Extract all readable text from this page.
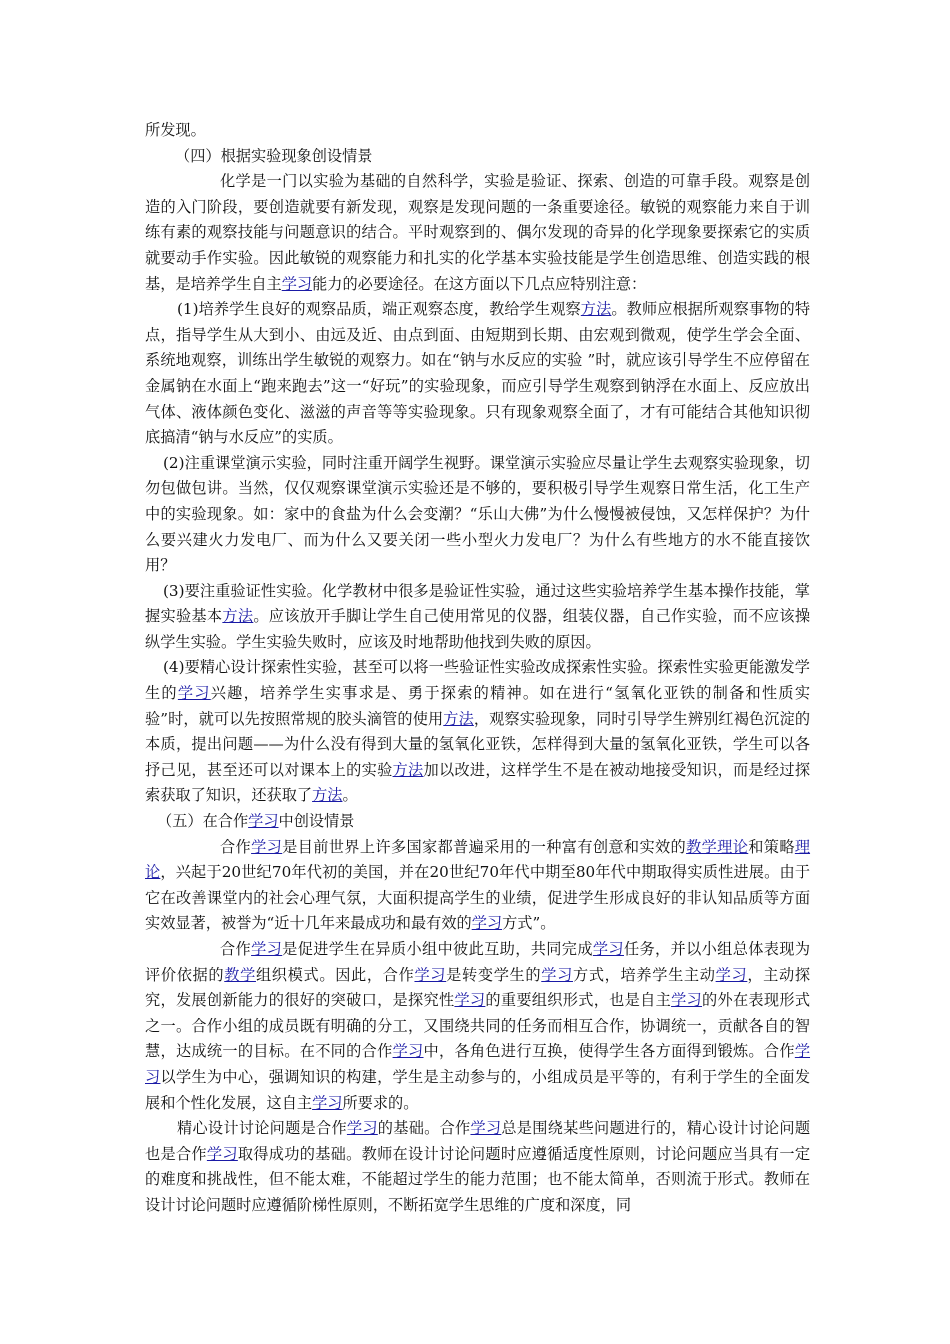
所发现。

（四）根据实验现象创设情景

化学是一门以实验为基础的自然科学，实验是验证、探索、创造的可靠手段。观察是创造的入门阶段，要创造就要有新发现，观察是发现问题的一条重要途径。敏锐的观察能力来自于训练有素的观察技能与问题意识的结合。平时观察到的、偶尔发现的奇异的化学现象要探索它的实质就要动手作实验。因此敏锐的观察能力和扎实的化学基本实验技能是学生创造思维、创造实践的根基，是培养学生自主学习能力的必要途径。在这方面以下几点应特别注意：

(1)培养学生良好的观察品质，端正观察态度，教给学生观察方法。教师应根据所观察事物的特点，指导学生从大到小、由远及近、由点到面、由短期到长期、由宏观到微观，使学生学会全面、系统地观察，训练出学生敏锐的观察力。如在“钠与水反应的实验 ”时，就应该引导学生不应停留在金属钠在水面上“跑来跑去”这一“好玩”的实验现象，而应引导学生观察到钠浮在水面上、反应放出气体、液体颜色变化、滋滋的声音等等实验现象。只有现象观察全面了，才有可能结合其他知识彻底搞清“钠与水反应”的实质。

(2)注重课堂演示实验，同时注重开阔学生视野。课堂演示实验应尽量让学生去观察实验现象，切勿包做包讲。当然，仅仅观察课堂演示实验还是不够的，要积极引导学生观察日常生活，化工生产中的实验现象。如：家中的食盐为什么会变潮？“乐山大佛”为什么慢慢被侵蚀，又怎样保护？为什么要兴建火力发电厂、而为什么又要关闭一些小型火力发电厂？为什么有些地方的水不能直接饮用？

(3)要注重验证性实验。化学教材中很多是验证性实验，通过这些实验培养学生基本操作技能，掌握实验基本方法。应该放开手脚让学生自己使用常见的仪器，组装仪器，自己作实验，而不应该操纵学生实验。学生实验失败时，应该及时地帮助他找到失败的原因。

(4)要精心设计探索性实验，甚至可以将一些验证性实验改成探索性实验。探索性实验更能激发学生的学习兴趣，培养学生实事求是、勇于探索的精神。如在进行“氢氧化亚铁的制备和性质实验”时，就可以先按照常规的胶头滴管的使用方法，观察实验现象，同时引导学生辨别红褐色沉淀的本质，提出问题——为什么没有得到大量的氢氧化亚铁，怎样得到大量的氢氧化亚铁，学生可以各抒己见，甚至还可以对课本上的实验方法加以改进，这样学生不是在被动地接受知识，而是经过探索获取了知识，还获取了方法。

（五）在合作学习中创设情景

合作学习是目前世界上许多国家都普遍采用的一种富有创意和实效的教学理论和策略理论，兴起于20世纪70年代初的美国，并在20世纪70年代中期至80年代中期取得实质性进展。由于它在改善课堂内的社会心理气氛，大面积提高学生的业绩，促进学生形成良好的非认知品质等方面实效显著，被誉为“近十几年来最成功和最有效的学习方式”。

合作学习是促进学生在异质小组中彼此互助，共同完成学习任务，并以小组总体表现为评价依据的教学组织模式。因此，合作学习是转变学生的学习方式，培养学生主动学习，主动探究，发展创新能力的很好的突破口，是探究性学习的重要组织形式，也是自主学习的外在表现形式之一。合作小组的成员既有明确的分工，又围绕共同的任务而相互合作，协调统一，贡献各自的智慧，达成统一的目标。在不同的合作学习中，各角色进行互换，使得学生各方面得到锻炼。合作学习以学生为中心，强调知识的构建，学生是主动参与的，小组成员是平等的，有利于学生的全面发展和个性化发展，这自主学习所要求的。

精心设计讨论问题是合作学习的基础。合作学习总是围绕某些问题进行的，精心设计讨论问题也是合作学习取得成功的基础。教师在设计讨论问题时应遵循适度性原则，讨论问题应当具有一定的难度和挑战性，但不能太难，不能超过学生的能力范围；也不能太简单，否则流于形式。教师在设计讨论问题时应遵循阶梯性原则，不断拓宽学生思维的广度和深度，同
